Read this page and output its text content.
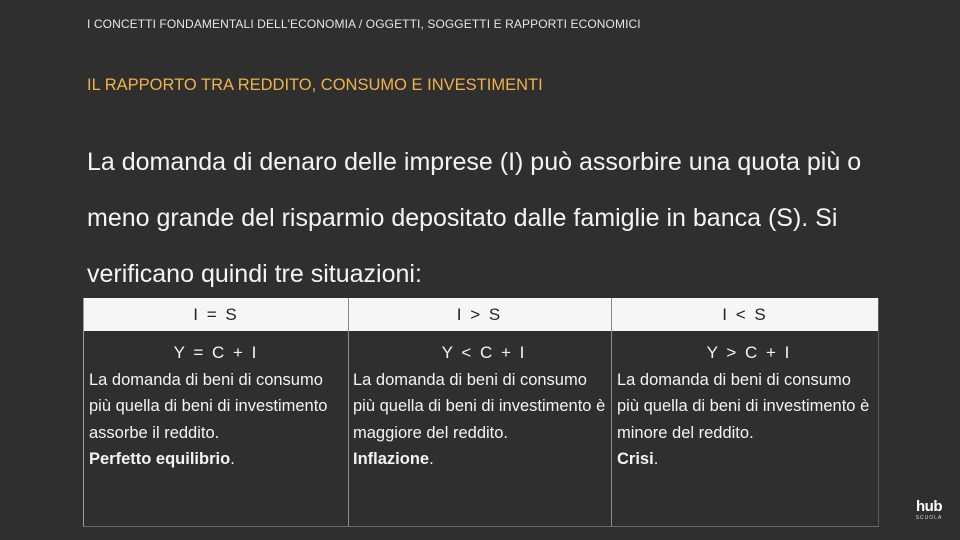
I CONCETTI FONDAMENTALI DELL'ECONOMIA / OGGETTI, SOGGETTI E RAPPORTI ECONOMICI
IL RAPPORTO TRA REDDITO, CONSUMO E INVESTIMENTI

La domanda di denaro delle imprese (I) può assorbire una quota più o meno grande del risparmio depositato dalle famiglie in banca (S). Si verificano quindi tre situazioni:

I = S	I > S	I < S
Y = C + I
La domanda di beni di consumo più quella di beni di investimento assorbe il reddito.
Perfetto equilibrio.
Y < C + I
La domanda di beni di consumo più quella di beni di investimento è maggiore del reddito.
Inflazione.
Y > C + I
La domanda di beni di consumo più quella di beni di investimento è minore del reddito.
Crisi.
hub
SCUOLA
